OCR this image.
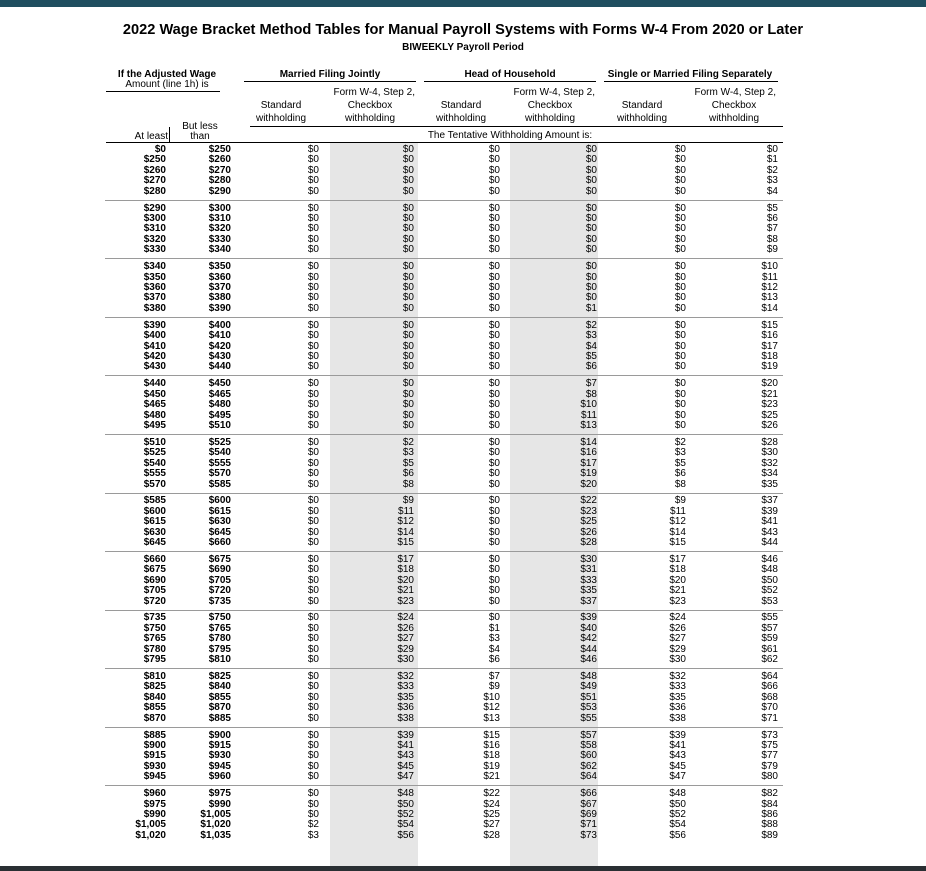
2022 Wage Bracket Method Tables for Manual Payroll Systems with Forms W-4 From 2020 or Later
BIWEEKLY Payroll Period
If the Adjusted Wage
Amount (line 1h) is
Married Filing Jointly	Head of Household	Single or Married Filing Separately
Standard
withholding
Form W-4, Step 2,
Checkbox
withholding
Standard
withholding
Form W-4, Step 2,
Checkbox
withholding
Standard
withholding
Form W-4, Step 2,
Checkbox
withholding
But less
than
At least	The Tentative Withholding Amount is:
$0	$250	$0	$0	$0	$0	$0	$0
$250	$260	$0	$0	$0	$0	$0	$1
$260	$270	$0	$0	$0	$0	$0	$2
$270	$280	$0	$0	$0	$0	$0	$3
$280	$290	$0	$0	$0	$0	$0	$4
$290	$300	$0	$0	$0	$0	$0	$5
$300	$310	$0	$0	$0	$0	$0	$6
$310	$320	$0	$0	$0	$0	$0	$7
$320	$330	$0	$0	$0	$0	$0	$8
$330	$340	$0	$0	$0	$0	$0	$9
$340	$350	$0	$0	$0	$0	$0	$10
$350	$360	$0	$0	$0	$0	$0	$11
$360	$370	$0	$0	$0	$0	$0	$12
$370	$380	$0	$0	$0	$0	$0	$13
$380	$390	$0	$0	$0	$1	$0	$14
$390	$400	$0	$0	$0	$2	$0	$15
$400	$410	$0	$0	$0	$3	$0	$16
$410	$420	$0	$0	$0	$4	$0	$17
$420	$430	$0	$0	$0	$5	$0	$18
$430	$440	$0	$0	$0	$6	$0	$19
$440	$450	$0	$0	$0	$7	$0	$20
$450	$465	$0	$0	$0	$8	$0	$21
$465	$480	$0	$0	$0	$10	$0	$23
$480	$495	$0	$0	$0	$11	$0	$25
$495	$510	$0	$0	$0	$13	$0	$26
$510	$525	$0	$2	$0	$14	$2	$28
$525	$540	$0	$3	$0	$16	$3	$30
$540	$555	$0	$5	$0	$17	$5	$32
$555	$570	$0	$6	$0	$19	$6	$34
$570	$585	$0	$8	$0	$20	$8	$35
$585	$600	$0	$9	$0	$22	$9	$37
$600	$615	$0	$11	$0	$23	$11	$39
$615	$630	$0	$12	$0	$25	$12	$41
$630	$645	$0	$14	$0	$26	$14	$43
$645	$660	$0	$15	$0	$28	$15	$44
$660	$675	$0	$17	$0	$30	$17	$46
$675	$690	$0	$18	$0	$31	$18	$48
$690	$705	$0	$20	$0	$33	$20	$50
$705	$720	$0	$21	$0	$35	$21	$52
$720	$735	$0	$23	$0	$37	$23	$53
$735	$750	$0	$24	$0	$39	$24	$55
$750	$765	$0	$26	$1	$40	$26	$57
$765	$780	$0	$27	$3	$42	$27	$59
$780	$795	$0	$29	$4	$44	$29	$61
$795	$810	$0	$30	$6	$46	$30	$62
$810	$825	$0	$32	$7	$48	$32	$64
$825	$840	$0	$33	$9	$49	$33	$66
$840	$855	$0	$35	$10	$51	$35	$68
$855	$870	$0	$36	$12	$53	$36	$70
$870	$885	$0	$38	$13	$55	$38	$71
$885	$900	$0	$39	$15	$57	$39	$73
$900	$915	$0	$41	$16	$58	$41	$75
$915	$930	$0	$43	$18	$60	$43	$77
$930	$945	$0	$45	$19	$62	$45	$79
$945	$960	$0	$47	$21	$64	$47	$80
$960	$975	$0	$48	$22	$66	$48	$82
$975	$990	$0	$50	$24	$67	$50	$84
$990	$1,005	$0	$52	$25	$69	$52	$86
$1,005	$1,020	$2	$54	$27	$71	$54	$88
$1,020	$1,035	$3	$56	$28	$73	$56	$89
